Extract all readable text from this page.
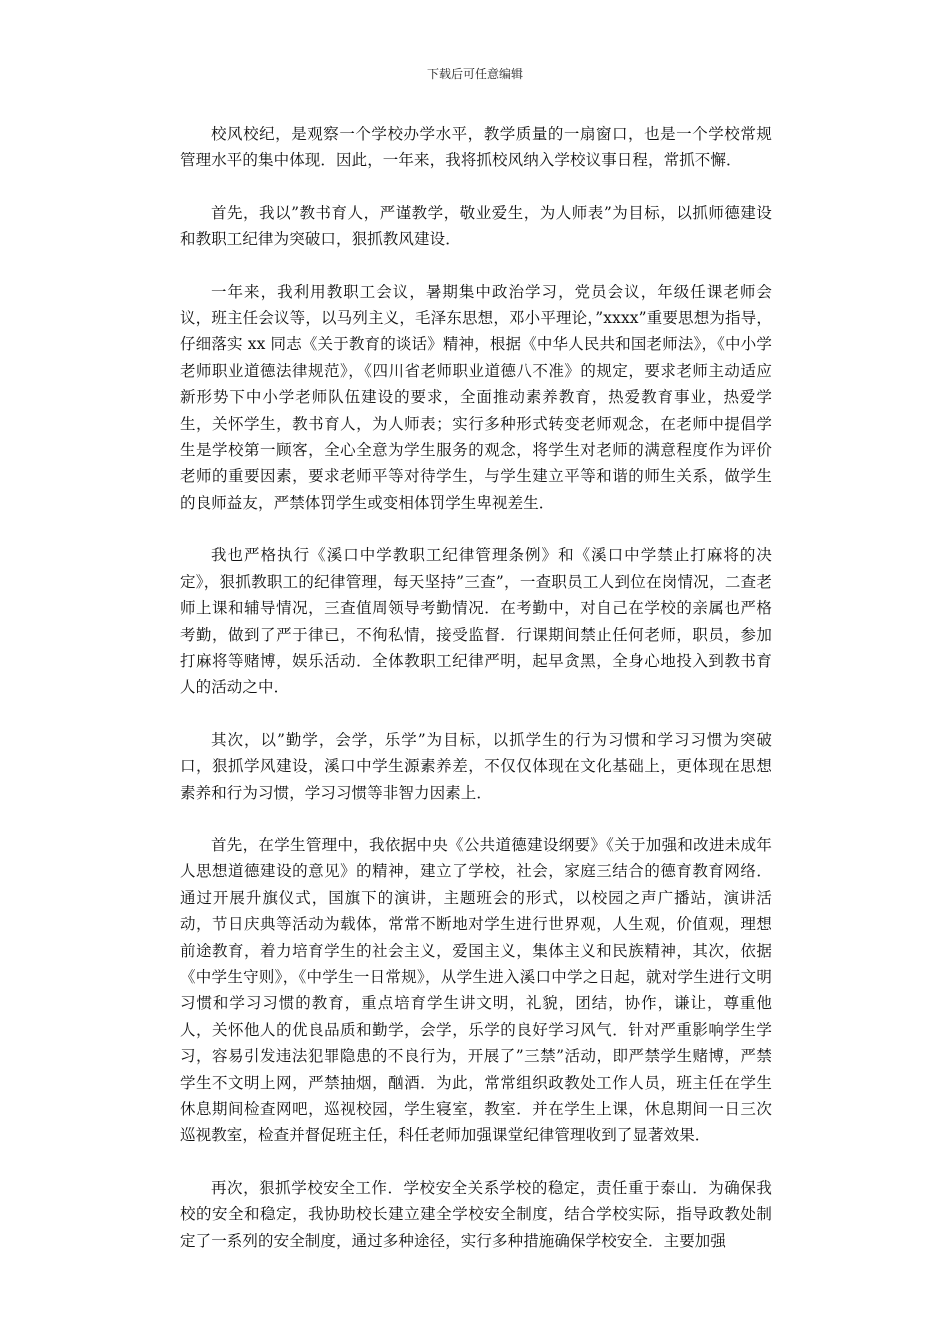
下载后可任意编辑

校风校纪，是观察一个学校办学水平，教学质量的一扇窗口，也是一个学校常规管理水平的集中体现．因此，一年来，我将抓校风纳入学校议事日程，常抓不懈．

首先，我以”教书育人，严谨教学，敬业爱生，为人师表”为目标，以抓师德建设和教职工纪律为突破口，狠抓教风建设．

一年来，我利用教职工会议，暑期集中政治学习，党员会议，年级任课老师会议，班主任会议等，以马列主义，毛泽东思想，邓小平理论，”xxxx”重要思想为指导，仔细落实 xx 同志《关于教育的谈话》精神，根据《中华人民共和国老师法》，《中小学老师职业道德法律规范》，《四川省老师职业道德八不准》的规定，要求老师主动适应新形势下中小学老师队伍建设的要求，全面推动素养教育，热爱教育事业，热爱学生，关怀学生，教书育人，为人师表；实行多种形式转变老师观念，在老师中提倡学生是学校第一顾客，全心全意为学生服务的观念，将学生对老师的满意程度作为评价老师的重要因素，要求老师平等对待学生，与学生建立平等和谐的师生关系，做学生的良师益友，严禁体罚学生或变相体罚学生卑视差生．

我也严格执行《溪口中学教职工纪律管理条例》和《溪口中学禁止打麻将的决定》，狠抓教职工的纪律管理，每天坚持”三查”，一查职员工人到位在岗情况，二查老师上课和辅导情况，三查值周领导考勤情况．在考勤中，对自己在学校的亲属也严格考勤，做到了严于律已，不徇私情，接受监督．行课期间禁止任何老师，职员，参加打麻将等赌博，娱乐活动．全体教职工纪律严明，起早贪黑，全身心地投入到教书育人的活动之中．

其次，以”勤学，会学，乐学”为目标，以抓学生的行为习惯和学习习惯为突破口，狠抓学风建设，溪口中学生源素养差，不仅仅体现在文化基础上，更体现在思想素养和行为习惯，学习习惯等非智力因素上．

首先，在学生管理中，我依据中央《公共道德建设纲要》《关于加强和改进未成年人思想道德建设的意见》的精神，建立了学校，社会，家庭三结合的德育教育网络．通过开展升旗仪式，国旗下的演讲，主题班会的形式，以校园之声广播站，演讲活动，节日庆典等活动为载体，常常不断地对学生进行世界观，人生观，价值观，理想前途教育，着力培育学生的社会主义，爱国主义，集体主义和民族精神，其次，依据《中学生守则》，《中学生一日常规》，从学生进入溪口中学之日起，就对学生进行文明习惯和学习习惯的教育，重点培育学生讲文明，礼貌，团结，协作，谦让，尊重他人，关怀他人的优良品质和勤学，会学，乐学的良好学习风气．针对严重影响学生学习，容易引发违法犯罪隐患的不良行为，开展了”三禁”活动，即严禁学生赌博，严禁学生不文明上网，严禁抽烟，酗酒．为此，常常组织政教处工作人员，班主任在学生休息期间检查网吧，巡视校园，学生寝室，教室．并在学生上课，休息期间一日三次巡视教室，检查并督促班主任，科任老师加强课堂纪律管理收到了显著效果．

再次，狠抓学校安全工作．学校安全关系学校的稳定，责任重于泰山．为确保我校的安全和稳定，我协助校长建立建全学校安全制度，结合学校实际，指导政教处制定了一系列的安全制度，通过多种途径，实行多种措施确保学校安全．主要加强
